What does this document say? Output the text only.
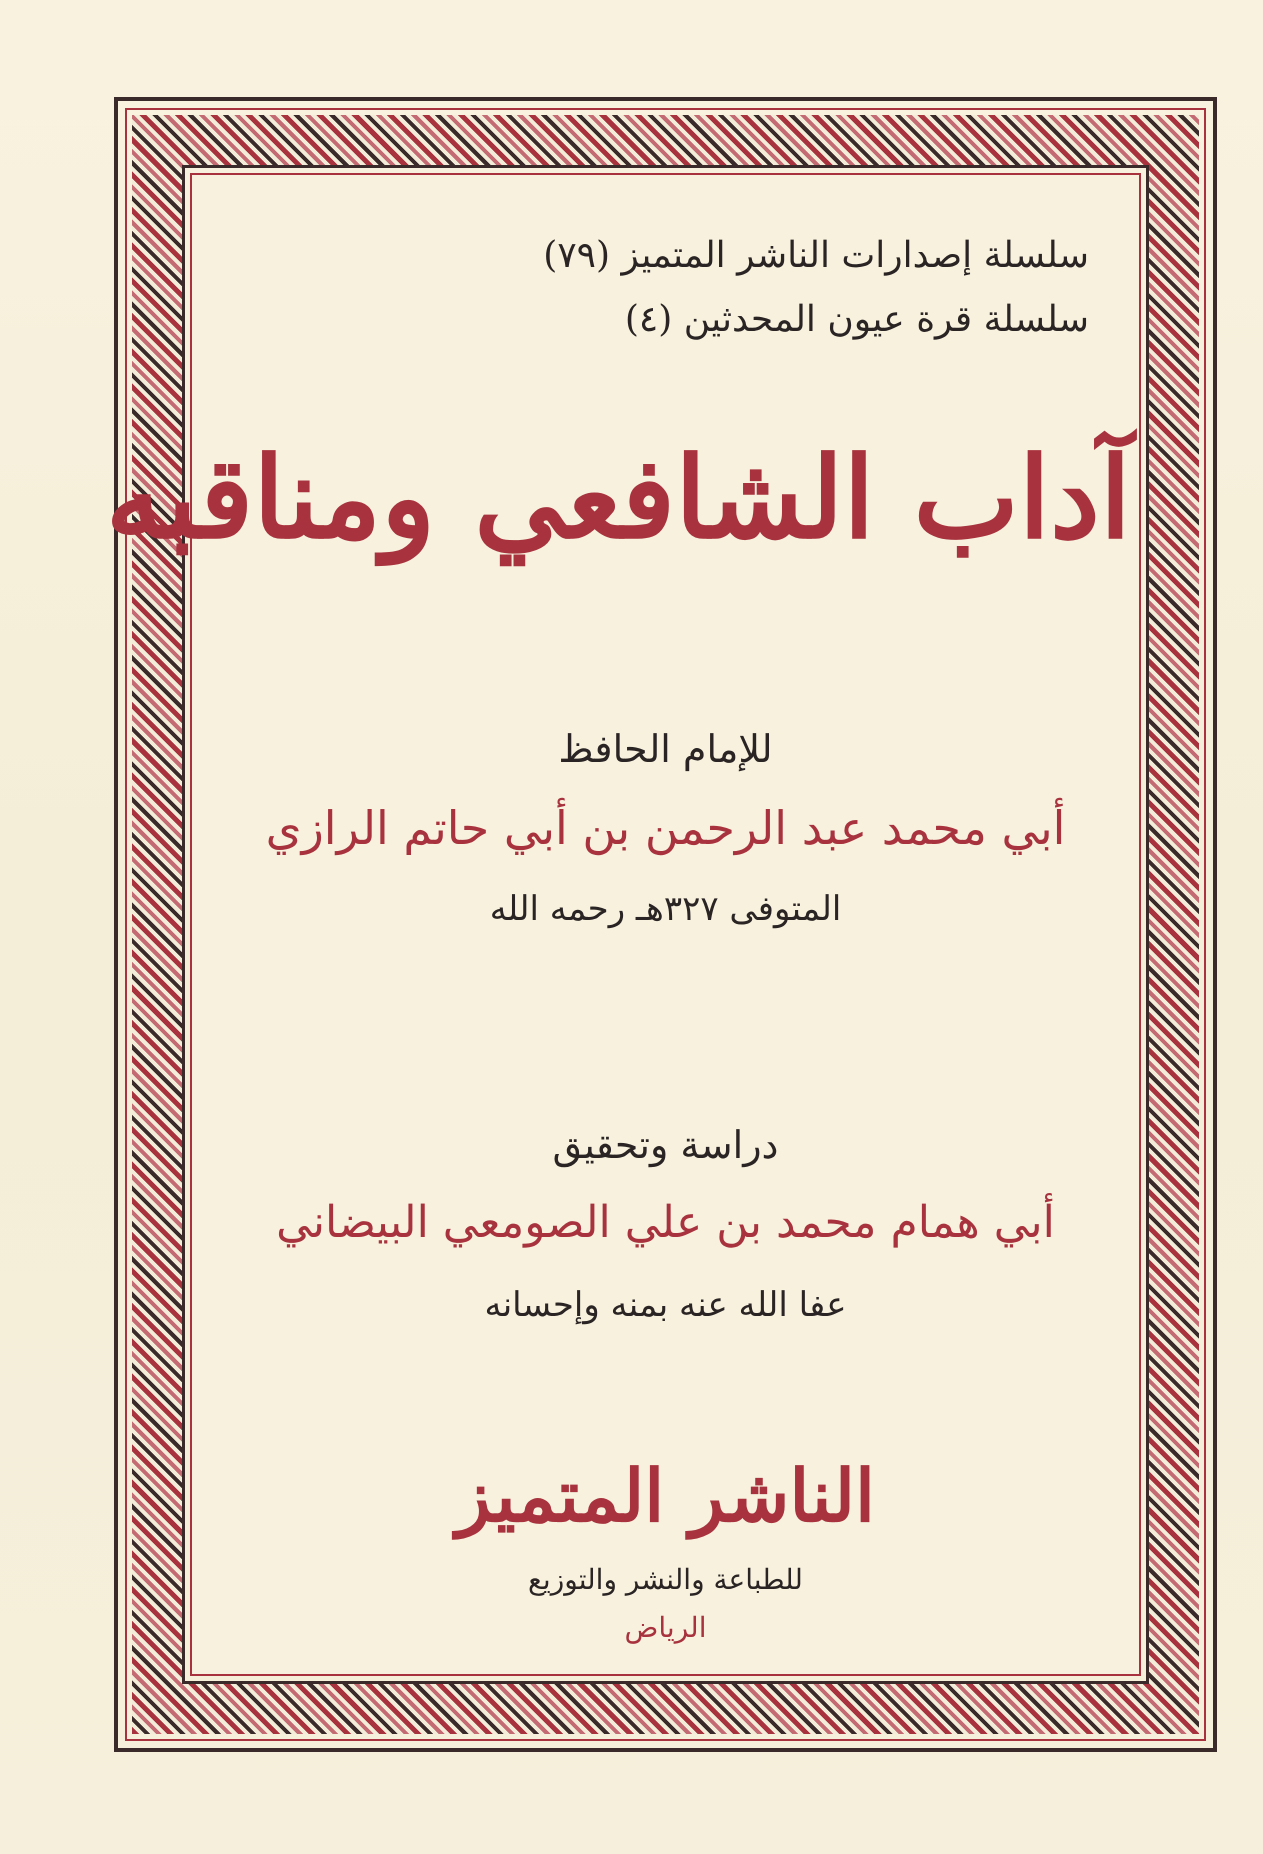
سلسلة إصدارات الناشر المتميز (٧٩)
سلسلة قرة عيون المحدثين (٤)
آداب الشافعي ومناقبه
للإمام الحافظ
أبي محمد عبد الرحمن بن أبي حاتم الرازي
المتوفى ٣٢٧هـ رحمه الله
دراسة وتحقيق
أبي همام محمد بن علي الصومعي البيضاني
عفا الله عنه بمنه وإحسانه
الناشر المتميز
للطباعة والنشر والتوزيع
الرياض
